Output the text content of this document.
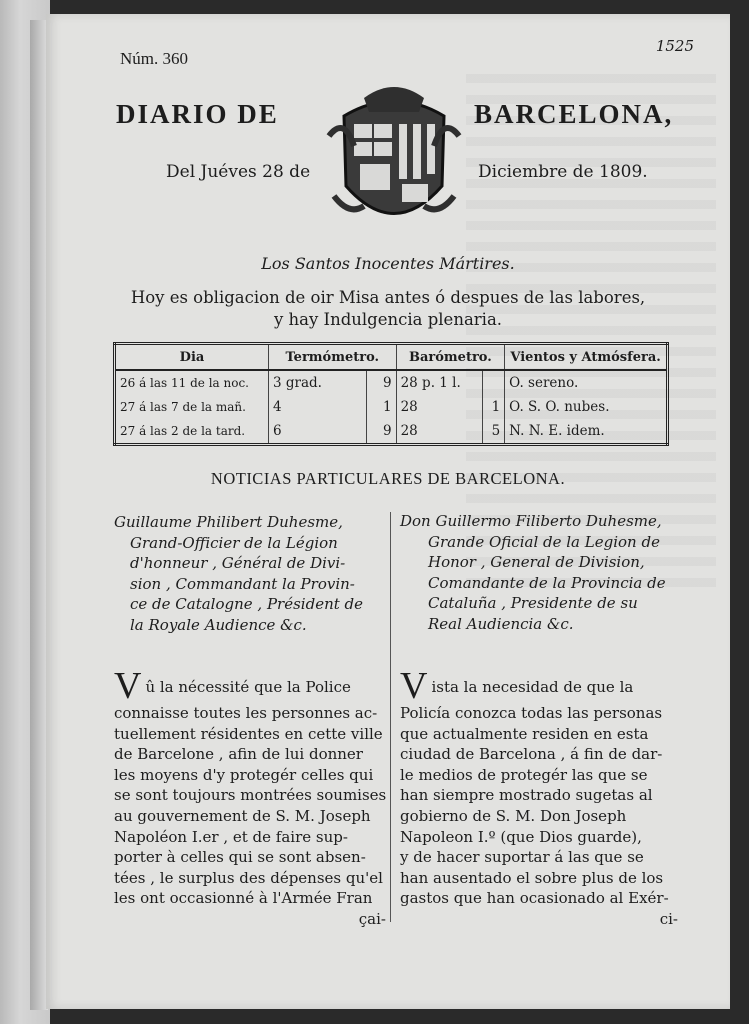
Núm. 360
1525
DIARIO DE	BARCELONA,
Del Juéves 28 de	Diciembre de 1809.
Los Santos Inocentes Mártires.
Hoy es obligacion de oir Misa antes ó despues de las labores,
y hay Indulgencia plenaria.
Dia	Termómetro.		Barómetro.		Vientos y Atmósfera.
26 á las 11 de la noc.	3 grad.	9	28 p. 1 l.		O. sereno.
27 á las 7 de la mañ.	4	1	28	1	O. S. O. nubes.
27 á las 2 de la tard.	6	9	28	5	N. N. E. idem.
NOTICIAS PARTICULARES DE BARCELONA.
Guillaume Philibert Duhesme,
Grand-Officier de la Légion
d'honneur , Général de Divi-
sion , Commandant la Provin-
ce de Catalogne , Président de
la Royale Audience &c.
Don Guillermo Filiberto Duhesme,
Grande Oficial de la Legion de
Honor , General de Division,
Comandante de la Provincia de
Cataluña , Presidente de su
Real Audiencia &c.
V û la nécessité que la Police
connaisse toutes les personnes ac-
tuellement résidentes en cette ville
de Barcelone , afin de lui donner
les moyens d'y protegér celles qui
se sont toujours montrées soumises
au gouvernement de S. M. Joseph
Napoléon I.er , et de faire sup-
porter à celles qui se sont absen-
tées , le surplus des dépenses qu'el
les ont occasionné à l'Armée Fran
çai-
V ista la necesidad de que la
Policía conozca todas las personas
que actualmente residen en esta
ciudad de Barcelona , á fin de dar-
le medios de protegér las que se
han siempre mostrado sugetas al
gobierno de S. M. Don Joseph
Napoleon I.º (que Dios guarde),
y de hacer suportar á las que se
han ausentado el sobre plus de los
gastos que han ocasionado al Exér-
ci-
